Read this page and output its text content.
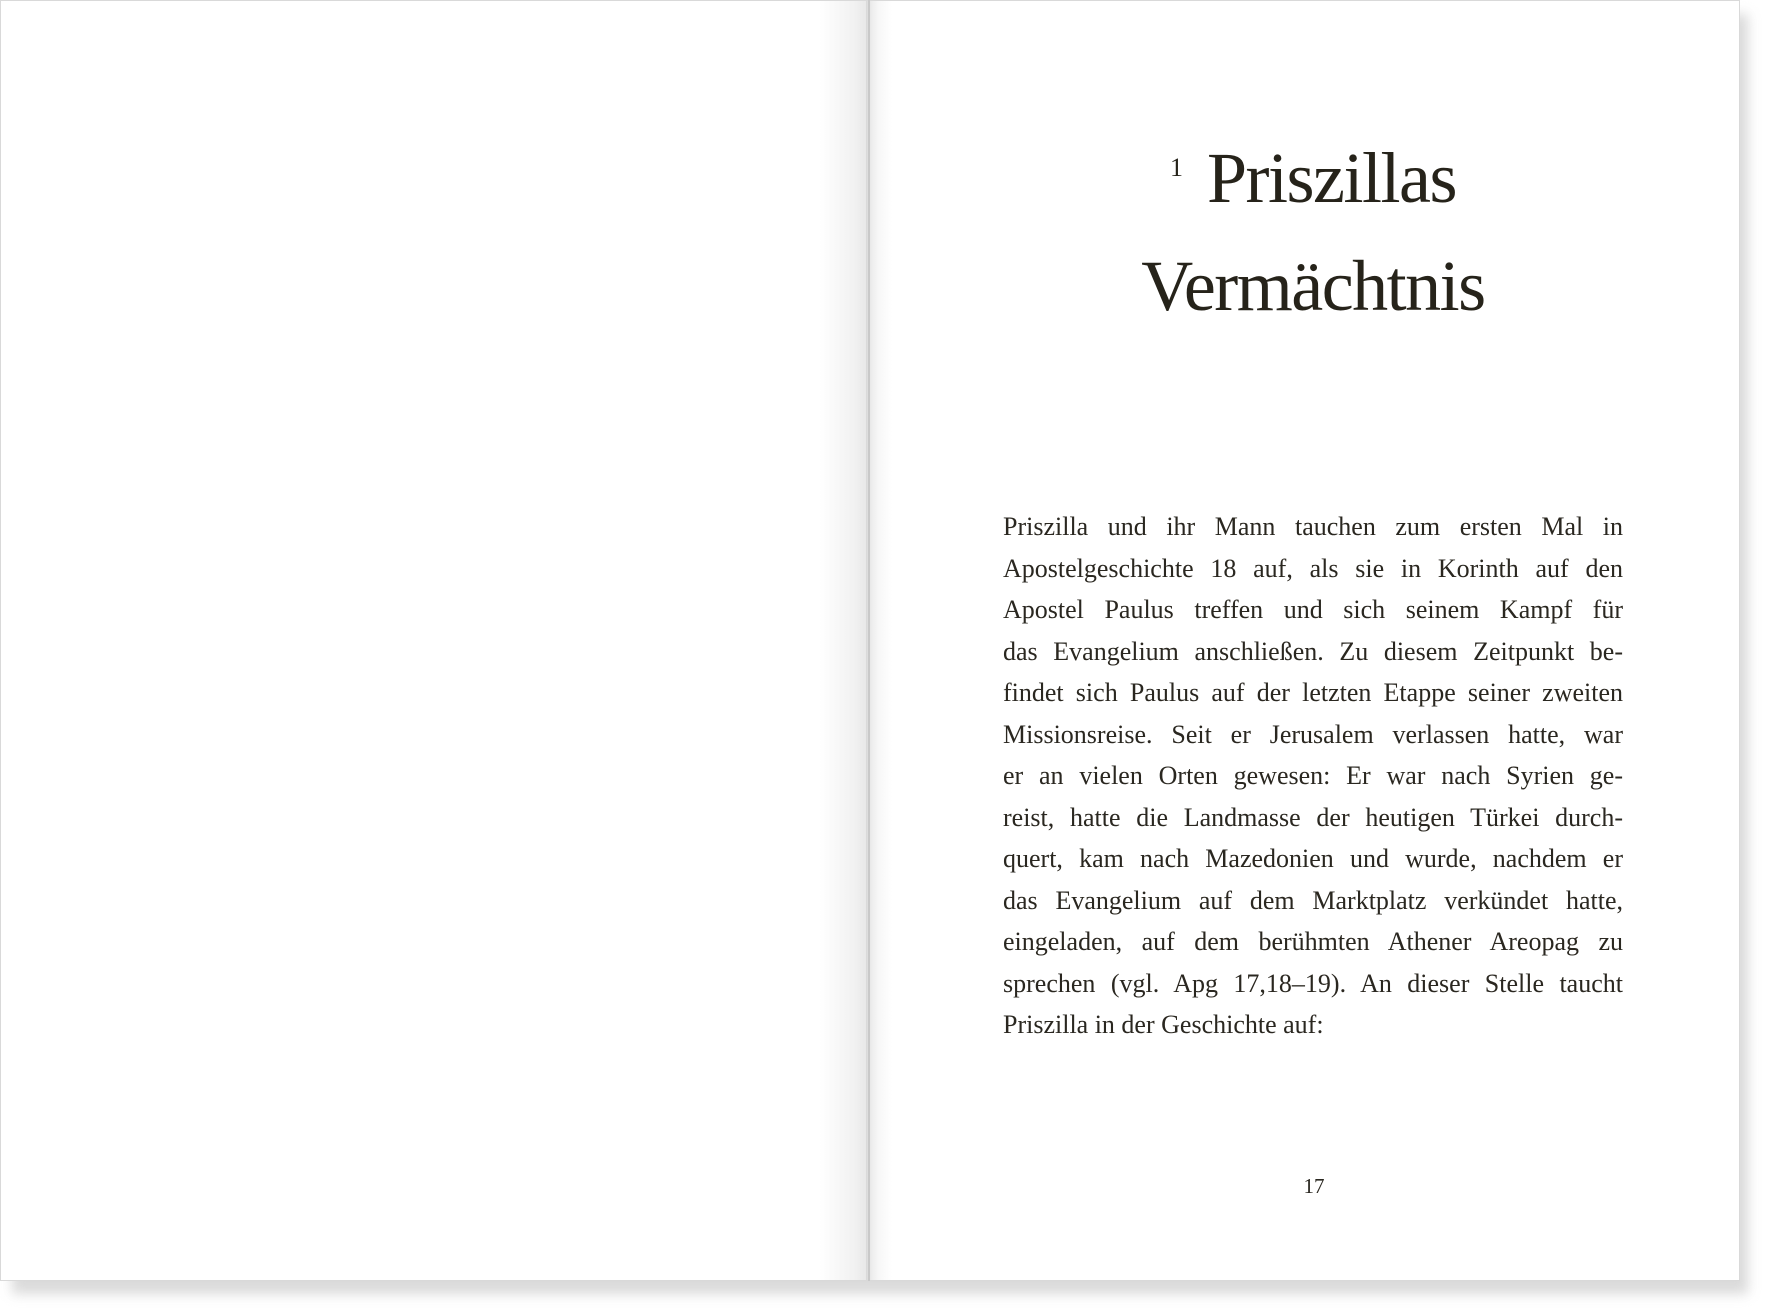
$^1$ Priszillas
Vermächtnis
Priszilla und ihr Mann tauchen zum ersten Mal in
Apostelgeschichte 18 auf, als sie in Korinth auf den
Apostel Paulus treffen und sich seinem Kampf für
das Evangelium anschließen. Zu diesem Zeitpunkt be-
findet sich Paulus auf der letzten Etappe seiner zweiten
Missionsreise. Seit er Jerusalem verlassen hatte, war
er an vielen Orten gewesen: Er war nach Syrien ge-
reist, hatte die Landmasse der heutigen Türkei durch-
quert, kam nach Mazedonien und wurde, nachdem er
das Evangelium auf dem Marktplatz verkündet hatte,
eingeladen, auf dem berühmten Athener Areopag zu
sprechen (vgl. Apg 17,18–19). An dieser Stelle taucht
Priszilla in der Geschichte auf:
17
